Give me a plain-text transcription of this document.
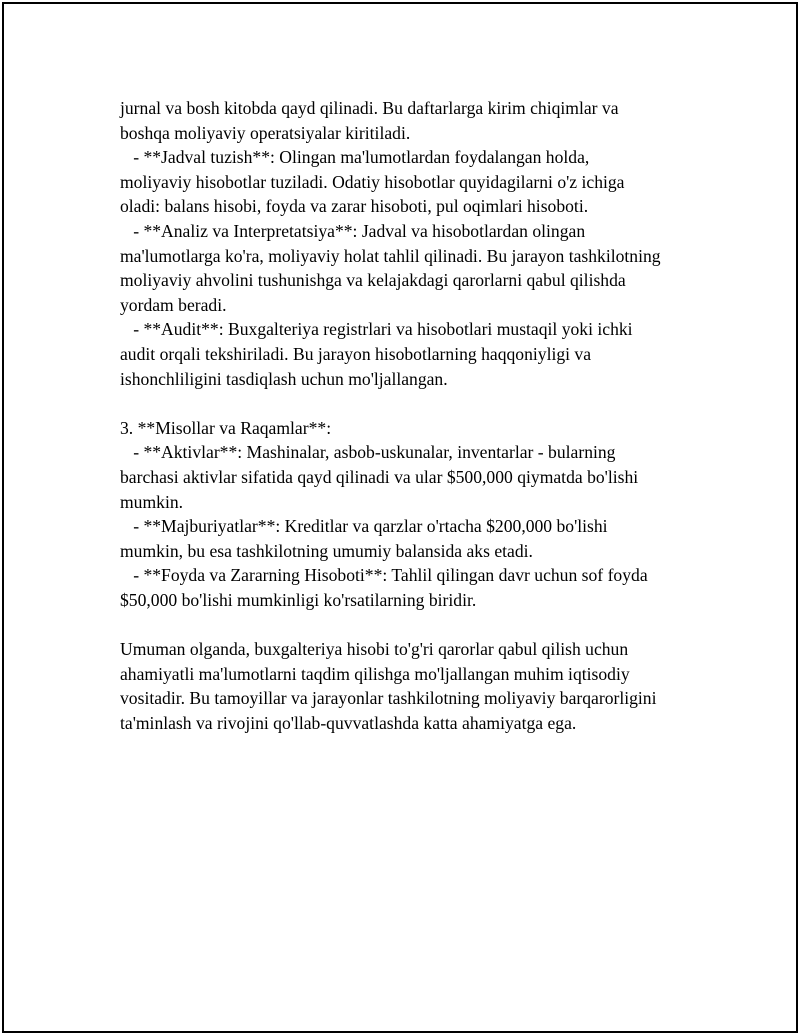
jurnal va bosh kitobda qayd qilinadi. Bu daftarlarga kirim chiqimlar va
boshqa moliyaviy operatsiyalar kiritiladi.
- **Jadval tuzish**: Olingan ma'lumotlardan foydalangan holda,
moliyaviy hisobotlar tuziladi. Odatiy hisobotlar quyidagilarni o'z ichiga
oladi: balans hisobi, foyda va zarar hisoboti, pul oqimlari hisoboti.
- **Analiz va Interpretatsiya**: Jadval va hisobotlardan olingan
ma'lumotlarga ko'ra, moliyaviy holat tahlil qilinadi. Bu jarayon tashkilotning
moliyaviy ahvolini tushunishga va kelajakdagi qarorlarni qabul qilishda
yordam beradi.
- **Audit**: Buxgalteriya registrlari va hisobotlari mustaqil yoki ichki
audit orqali tekshiriladi. Bu jarayon hisobotlarning haqqoniyligi va
ishonchliligini tasdiqlash uchun mo'ljallangan.
3. **Misollar va Raqamlar**:
- **Aktivlar**: Mashinalar, asbob-uskunalar, inventarlar - bularning
barchasi aktivlar sifatida qayd qilinadi va ular $500,000 qiymatda bo'lishi
mumkin.
- **Majburiyatlar**: Kreditlar va qarzlar o'rtacha $200,000 bo'lishi
mumkin, bu esa tashkilotning umumiy balansida aks etadi.
- **Foyda va Zararning Hisoboti**: Tahlil qilingan davr uchun sof foyda
$50,000 bo'lishi mumkinligi ko'rsatilarning biridir.
Umuman olganda, buxgalteriya hisobi to'g'ri qarorlar qabul qilish uchun
ahamiyatli ma'lumotlarni taqdim qilishga mo'ljallangan muhim iqtisodiy
vositadir. Bu tamoyillar va jarayonlar tashkilotning moliyaviy barqarorligini
ta'minlash va rivojini qo'llab-quvvatlashda katta ahamiyatga ega.
